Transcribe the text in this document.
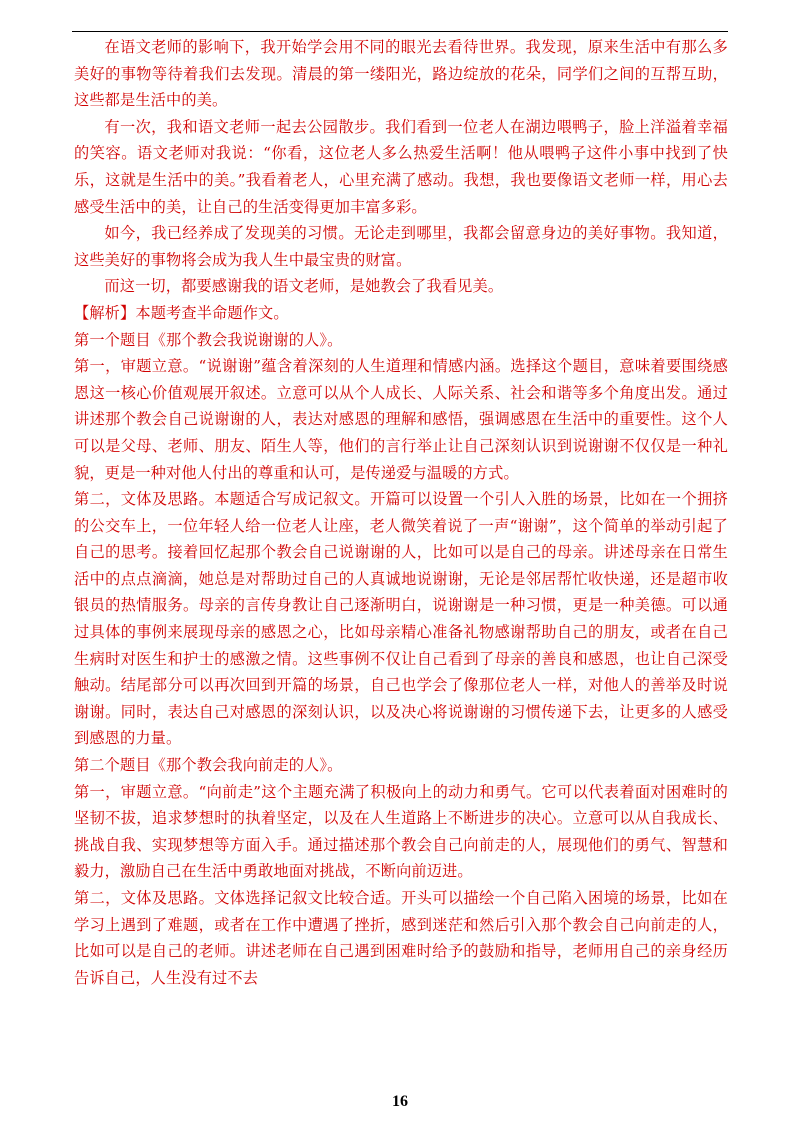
在语文老师的影响下，我开始学会用不同的眼光去看待世界。我发现，原来生活中有那么多美好的事物等待着我们去发现。清晨的第一缕阳光，路边绽放的花朵，同学们之间的互帮互助，这些都是生活中的美。

有一次，我和语文老师一起去公园散步。我们看到一位老人在湖边喂鸭子，脸上洋溢着幸福的笑容。语文老师对我说：“你看，这位老人多么热爱生活啊！他从喂鸭子这件小事中找到了快乐，这就是生活中的美。”我看着老人，心里充满了感动。我想，我也要像语文老师一样，用心去感受生活中的美，让自己的生活变得更加丰富多彩。

如今，我已经养成了发现美的习惯。无论走到哪里，我都会留意身边的美好事物。我知道，这些美好的事物将会成为我人生中最宝贵的财富。

而这一切，都要感谢我的语文老师，是她教会了我看见美。

【解析】本题考查半命题作文。

第一个题目《那个教会我说谢谢的人》。

第一，审题立意。“说谢谢”蕴含着深刻的人生道理和情感内涵。选择这个题目，意味着要围绕感恩这一核心价值观展开叙述。立意可以从个人成长、人际关系、社会和谐等多个角度出发。通过讲述那个教会自己说谢谢的人，表达对感恩的理解和感悟，强调感恩在生活中的重要性。这个人可以是父母、老师、朋友、陌生人等，他们的言行举止让自己深刻认识到说谢谢不仅仅是一种礼貌，更是一种对他人付出的尊重和认可，是传递爱与温暖的方式。

第二，文体及思路。本题适合写成记叙文。开篇可以设置一个引人入胜的场景，比如在一个拥挤的公交车上，一位年轻人给一位老人让座，老人微笑着说了一声“谢谢”，这个简单的举动引起了自己的思考。接着回忆起那个教会自己说谢谢的人，比如可以是自己的母亲。讲述母亲在日常生活中的点点滴滴，她总是对帮助过自己的人真诚地说谢谢，无论是邻居帮忙收快递，还是超市收银员的热情服务。母亲的言传身教让自己逐渐明白，说谢谢是一种习惯，更是一种美德。可以通过具体的事例来展现母亲的感恩之心，比如母亲精心准备礼物感谢帮助自己的朋友，或者在自己生病时对医生和护士的感激之情。这些事例不仅让自己看到了母亲的善良和感恩，也让自己深受触动。结尾部分可以再次回到开篇的场景，自己也学会了像那位老人一样，对他人的善举及时说谢谢。同时，表达自己对感恩的深刻认识，以及决心将说谢谢的习惯传递下去，让更多的人感受到感恩的力量。

第二个题目《那个教会我向前走的人》。

第一，审题立意。“向前走”这个主题充满了积极向上的动力和勇气。它可以代表着面对困难时的坚韧不拔，追求梦想时的执着坚定，以及在人生道路上不断进步的决心。立意可以从自我成长、挑战自我、实现梦想等方面入手。通过描述那个教会自己向前走的人，展现他们的勇气、智慧和毅力，激励自己在生活中勇敢地面对挑战，不断向前迈进。

第二，文体及思路。文体选择记叙文比较合适。开头可以描绘一个自己陷入困境的场景，比如在学习上遇到了难题，或者在工作中遭遇了挫折，感到迷茫和然后引入那个教会自己向前走的人，比如可以是自己的老师。讲述老师在自己遇到困难时给予的鼓励和指导，老师用自己的亲身经历告诉自己，人生没有过不去

16
